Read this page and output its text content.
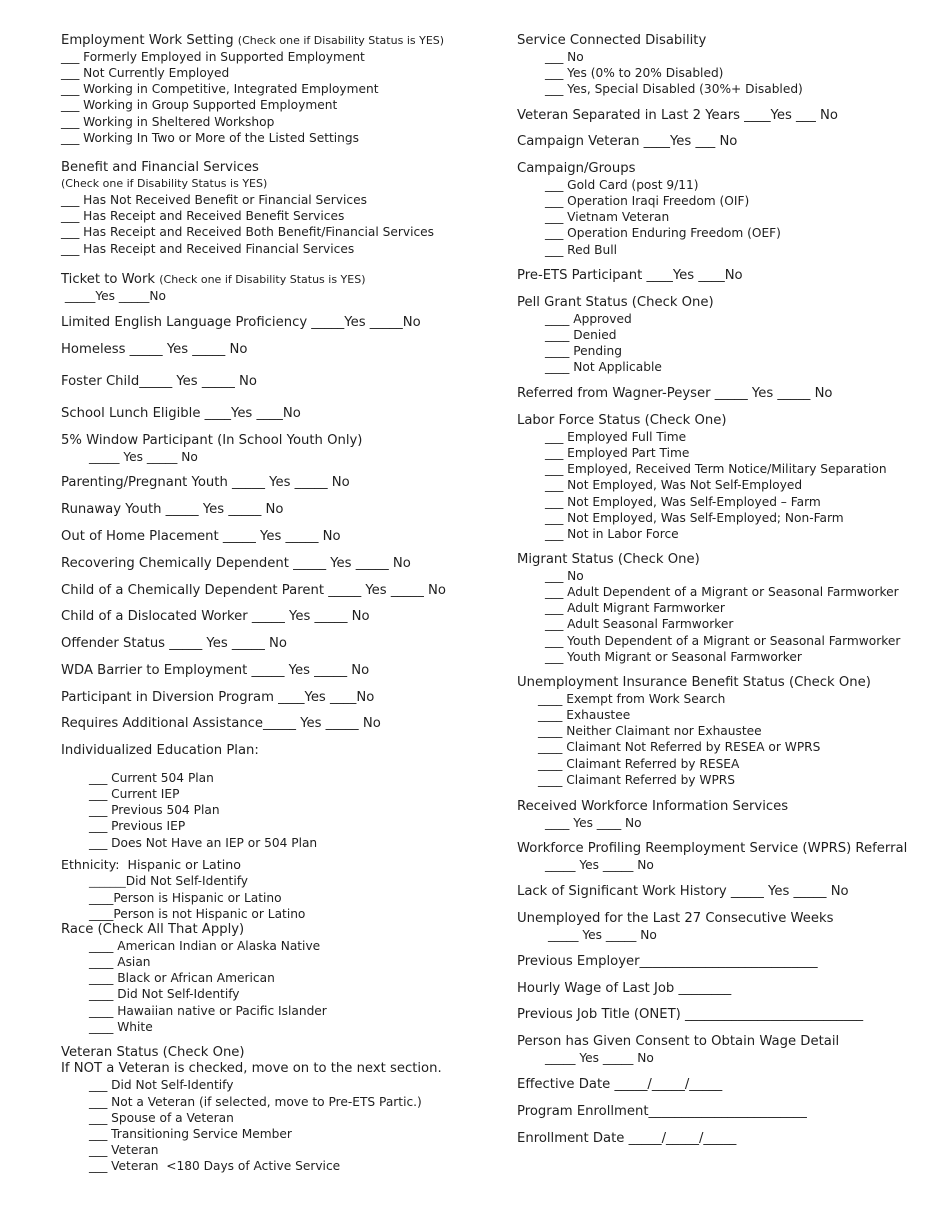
Employment Work Setting (Check one if Disability Status is YES)
___ Formerly Employed in Supported Employment
___ Not Currently Employed
___ Working in Competitive, Integrated Employment
___ Working in Group Supported Employment
___ Working in Sheltered Workshop
___ Working In Two or More of the Listed Settings
Benefit and Financial Services
(Check one if Disability Status is YES)
___ Has Not Received Benefit or Financial Services
___ Has Receipt and Received Benefit Services
___ Has Receipt and Received Both Benefit/Financial Services
___ Has Receipt and Received Financial Services
Ticket to Work (Check one if Disability Status is YES)
_____Yes _____No
Limited English Language Proficiency _____Yes _____No
Homeless _____ Yes _____ No
Foster Child_____ Yes _____ No
School Lunch Eligible ____Yes ____No
5% Window Participant (In School Youth Only)
_____ Yes _____ No
Parenting/Pregnant Youth _____ Yes _____ No
Runaway Youth _____ Yes _____ No
Out of Home Placement _____ Yes _____ No
Recovering Chemically Dependent _____ Yes _____ No
Child of a Chemically Dependent Parent _____ Yes _____ No
Child of a Dislocated Worker _____ Yes _____ No
Offender Status _____ Yes _____ No
WDA Barrier to Employment _____ Yes _____ No
Participant in Diversion Program ____Yes ____No
Requires Additional Assistance_____ Yes _____ No
Individualized Education Plan:
___ Current 504 Plan
___ Current IEP
___ Previous 504 Plan
___ Previous IEP
___ Does Not Have an IEP or 504 Plan
Ethnicity:  Hispanic or Latino
_______Did Not Self-Identify
____Person is Hispanic or Latino
____Person is not Hispanic or Latino
Race (Check All That Apply)
____ American Indian or Alaska Native
____ Asian
____ Black or African American
____ Did Not Self-Identify
____ Hawaiian native or Pacific Islander
____ White
Veteran Status (Check One)
If NOT a Veteran is checked, move on to the next section.
___ Did Not Self-Identify
___ Not a Veteran (if selected, move to Pre-ETS Partic.)
___ Spouse of a Veteran
___ Transitioning Service Member
___ Veteran
___ Veteran  <180 Days of Active Service
Service Connected Disability
___ No
___ Yes (0% to 20% Disabled)
___ Yes, Special Disabled (30%+ Disabled)
Veteran Separated in Last 2 Years ____Yes ___ No
Campaign Veteran ____Yes ___ No
Campaign/Groups
___ Gold Card (post 9/11)
___ Operation Iraqi Freedom (OIF)
___ Vietnam Veteran
___ Operation Enduring Freedom (OEF)
___ Red Bull
Pre-ETS Participant ____Yes ____No
Pell Grant Status (Check One)
____ Approved
____ Denied
____ Pending
____ Not Applicable
Referred from Wagner-Peyser _____ Yes _____ No
Labor Force Status (Check One)
___ Employed Full Time
___ Employed Part Time
___ Employed, Received Term Notice/Military Separation
___ Not Employed, Was Not Self-Employed
___ Not Employed, Was Self-Employed – Farm
___ Not Employed, Was Self-Employed; Non-Farm
___ Not in Labor Force
Migrant Status (Check One)
___ No
___ Adult Dependent of a Migrant or Seasonal Farmworker
___ Adult Migrant Farmworker
___ Adult Seasonal Farmworker
___ Youth Dependent of a Migrant or Seasonal Farmworker
___ Youth Migrant or Seasonal Farmworker
Unemployment Insurance Benefit Status (Check One)
____ Exempt from Work Search
____ Exhaustee
____ Neither Claimant nor Exhaustee
____ Claimant Not Referred by RESEA or WPRS
____ Claimant Referred by RESEA
____ Claimant Referred by WPRS
Received Workforce Information Services
____ Yes ____ No
Workforce Profiling Reemployment Service (WPRS) Referral
_____ Yes _____ No
Lack of Significant Work History _____ Yes _____ No
Unemployed for the Last 27 Consecutive Weeks
_____ Yes _____ No
Previous Employer___________________________
Hourly Wage of Last Job ________
Previous Job Title (ONET) ___________________________
Person has Given Consent to Obtain Wage Detail
_____ Yes _____ No
Effective Date _____/_____/_____
Program Enrollment________________________
Enrollment Date _____/_____/_____
